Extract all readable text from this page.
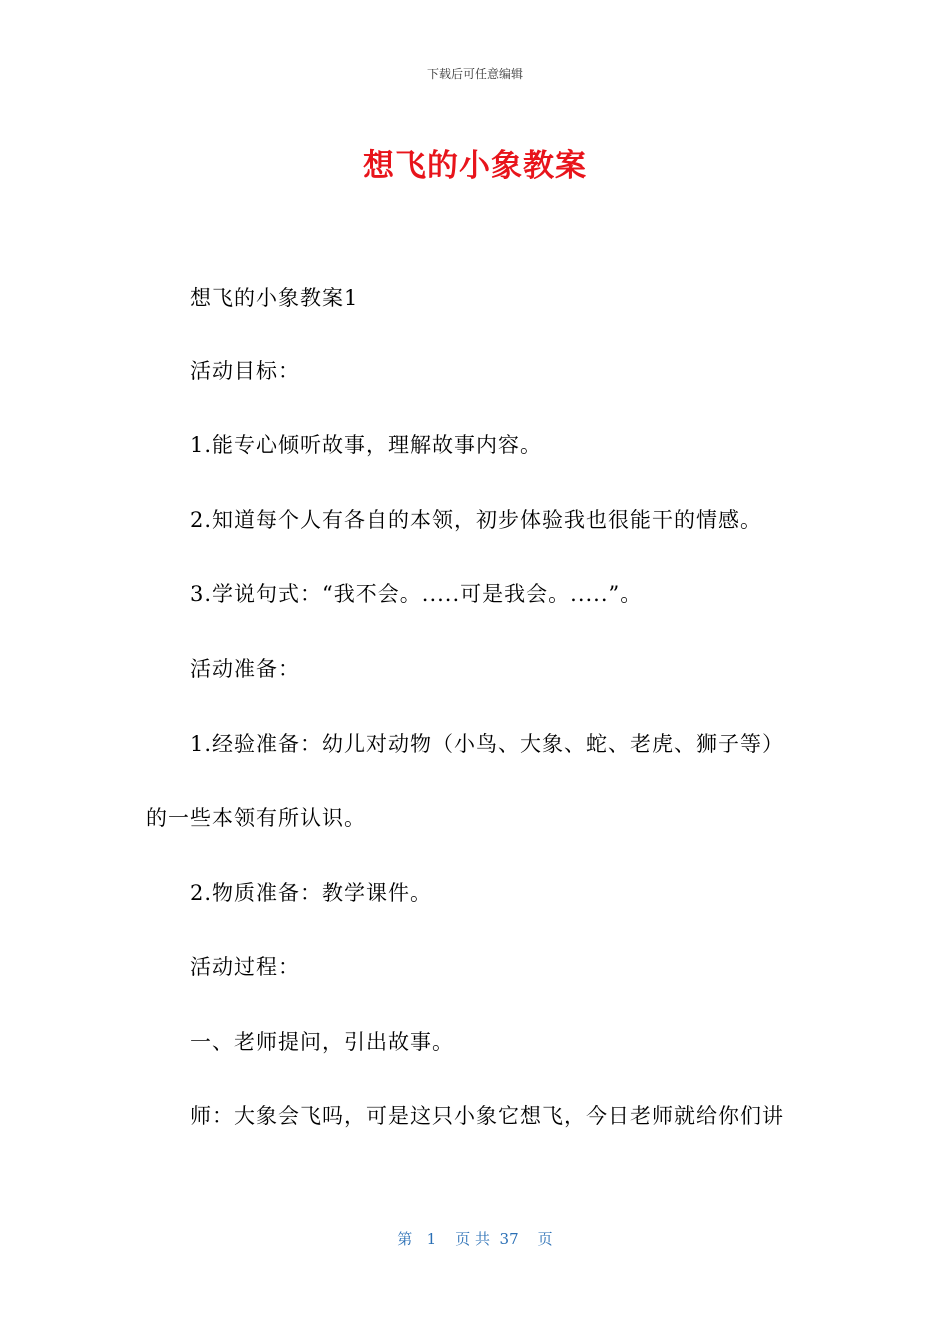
下载后可任意编辑
想飞的小象教案
想飞的小象教案1
活动目标：
1.能专心倾听故事，理解故事内容。
2.知道每个人有各自的本领，初步体验我也很能干的情感。
3.学说句式：“我不会。.....可是我会。.....”。
活动准备：
1.经验准备：幼儿对动物（小鸟、大象、蛇、老虎、狮子等）
的一些本领有所认识。
2.物质准备：教学课件。
活动过程：
一、老师提问，引出故事。
师：大象会飞吗，可是这只小象它想飞，今日老师就给你们讲
第   1    页 共  37    页
